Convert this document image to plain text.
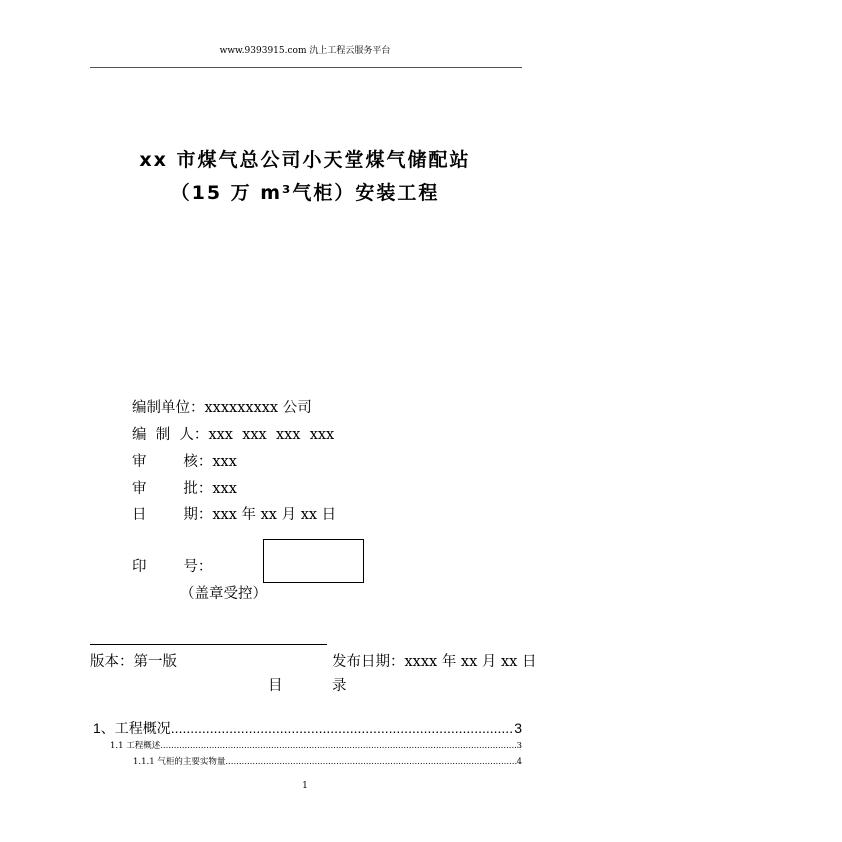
www.9393915.com 氿上工程云服务平台
xx 市煤气总公司小天堂煤气储配站
（15 万 m³气柜）安装工程
编制单位：xxxxxxxxx 公司
编  制  人：xxx  xxx  xxx  xxx
审        核：xxx
审        批：xxx
日        期：xxx 年 xx 月 xx 日
印        号：
（盖章受控）
版本：第一版	发布日期：xxxx 年 xx 月 xx 日
目	录
1、工程概况 .....	3
1.1 工程概述 .....	3
1.1.1 气柜的主要实物量 .....	4
1
